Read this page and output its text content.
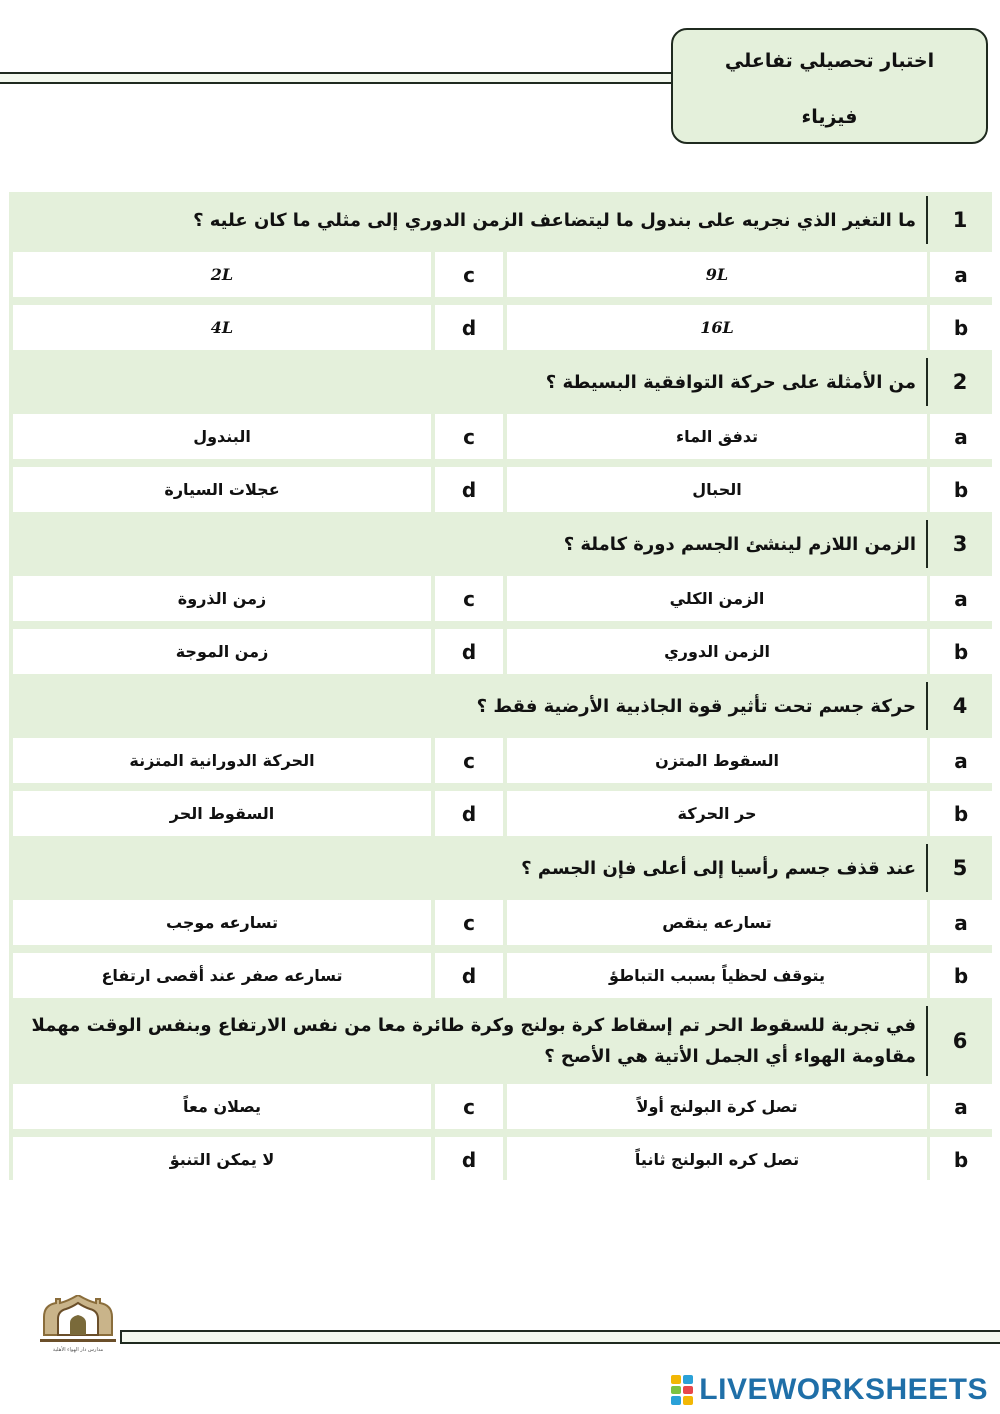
اختبار تحصيلي تفاعلي
فيزياء
1
ما التغير الذي نجريه على بندول ما ليتضاعف الزمن الدوري إلى مثلي ما كان عليه ؟
a
9L
c
2L
b
16L
d
4L
2
من الأمثلة على حركة التوافقية البسيطة ؟
a
تدفق الماء
c
البندول
b
الحبال
d
عجلات السيارة
3
الزمن اللازم لينشئ الجسم دورة كاملة ؟
a
الزمن الكلي
c
زمن الذروة
b
الزمن الدوري
d
زمن الموجة
4
حركة جسم تحت تأثير قوة الجاذبية الأرضية فقط ؟
a
السقوط المتزن
c
الحركة الدورانية المتزنة
b
حر الحركة
d
السقوط الحر
5
عند قذف جسم رأسيا إلى أعلى فإن الجسم ؟
a
تسارعه ينقص
c
تسارعه موجب
b
يتوقف لحظياً بسبب التباطؤ
d
تسارعه صفر عند أقصى ارتفاع
6
في تجربة للسقوط الحر تم إسقاط كرة بولنج وكرة طائرة معا من نفس الارتفاع وبنفس الوقت مهملا مقاومة الهواء أي الجمل الأتية هي الأصح ؟
a
تصل كرة البولنج أولاً
c
يصلان معاً
b
تصل كره البولنج ثانياً
d
لا يمكن التنبؤ
مدارس دار الهواء الأهلية
LIVEWORKSHEETS
